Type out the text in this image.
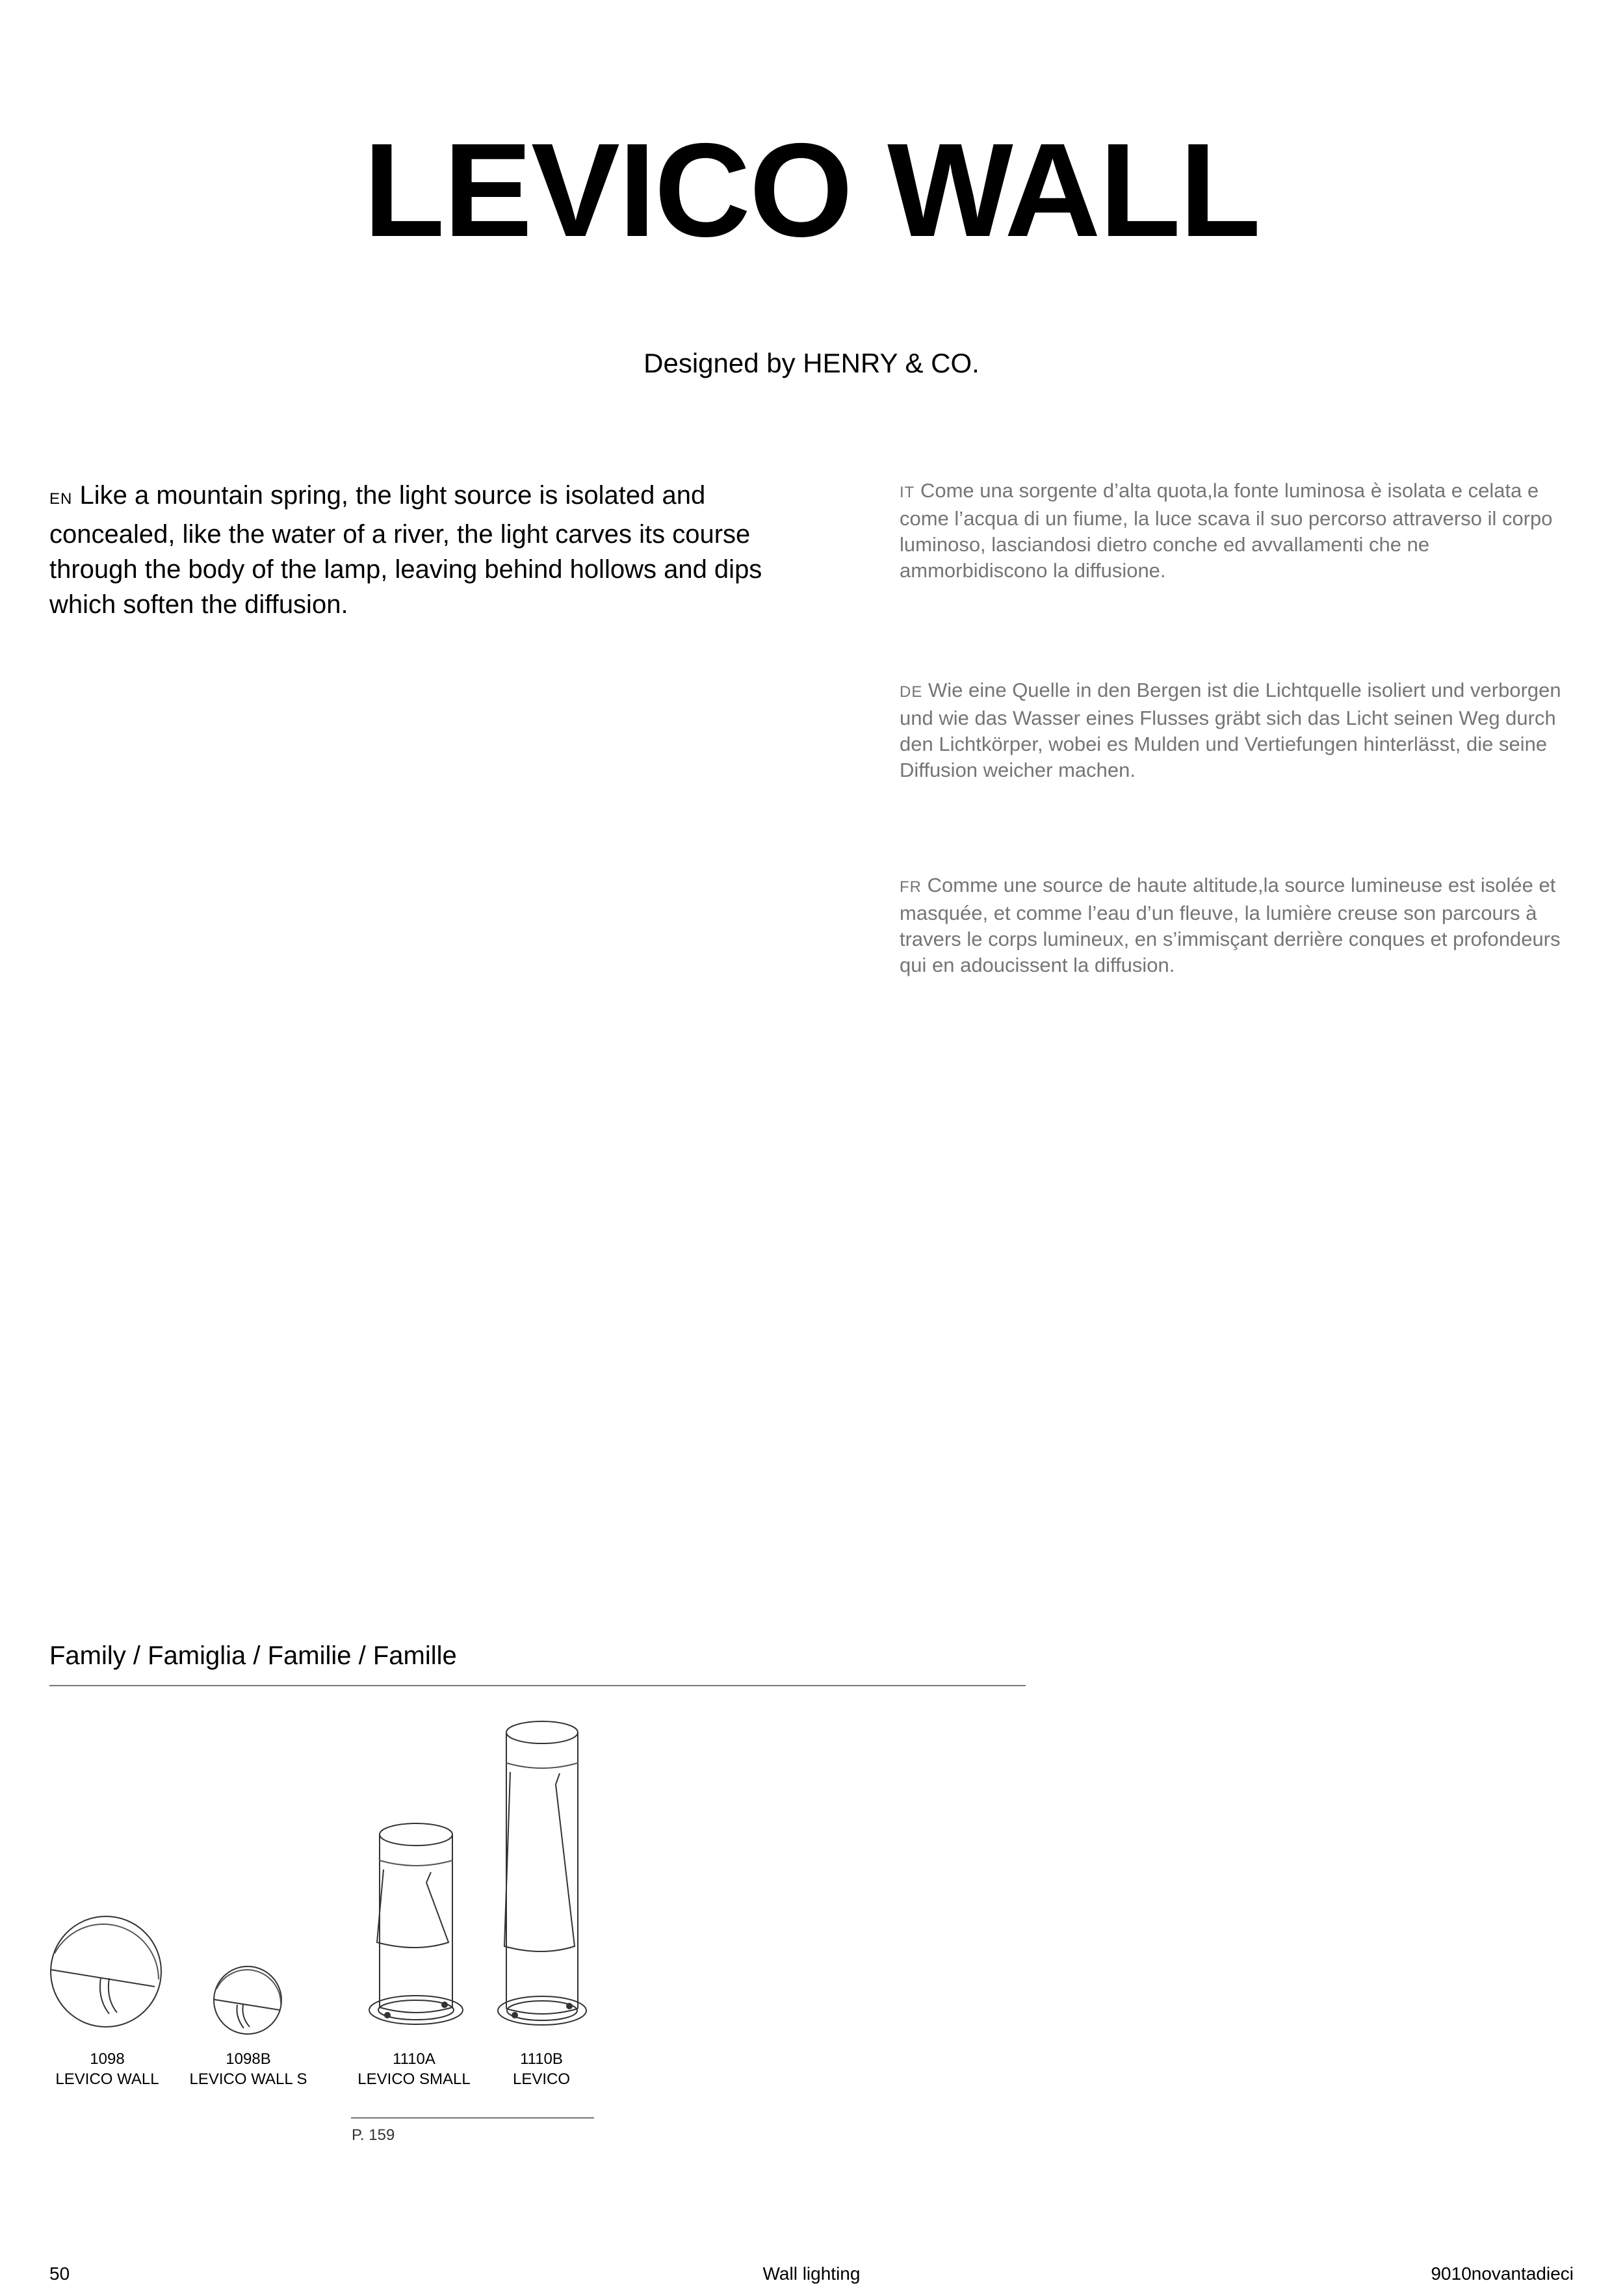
LEVICO WALL
Designed by HENRY & CO.
EN Like a mountain spring, the light source is isolated and concealed, like the water of a river, the light carves its course through the body of the lamp, leaving behind hollows and dips which soften the diffusion.
IT Come una sorgente d’alta quota,la fonte luminosa è isolata e celata e come l’acqua di un fiume, la luce scava il suo percorso attraverso il corpo luminoso, lasciandosi dietro conche ed avvallamenti che ne ammorbidiscono la diffusione.
DE Wie eine Quelle in den Bergen ist die Lichtquelle isoliert und verborgen und wie das Wasser eines Flusses gräbt sich das Licht seinen Weg durch den Lichtkörper, wobei es Mulden und Vertiefungen hinterlässt, die seine Diffusion weicher machen.
FR Comme une source de haute altitude,la source lumineuse est isolée et masquée, et comme l’eau d’un fleuve, la lumière creuse son parcours à travers le corps lumineux, en s’immisçant derrière conques et profondeurs qui en adoucissent la diffusion.
Family / Famiglia / Familie / Famille
1098
LEVICO WALL
1098B
LEVICO WALL S
1110A
LEVICO SMALL
1110B
LEVICO
P. 159
50	Wall lighting	9010novantadieci
